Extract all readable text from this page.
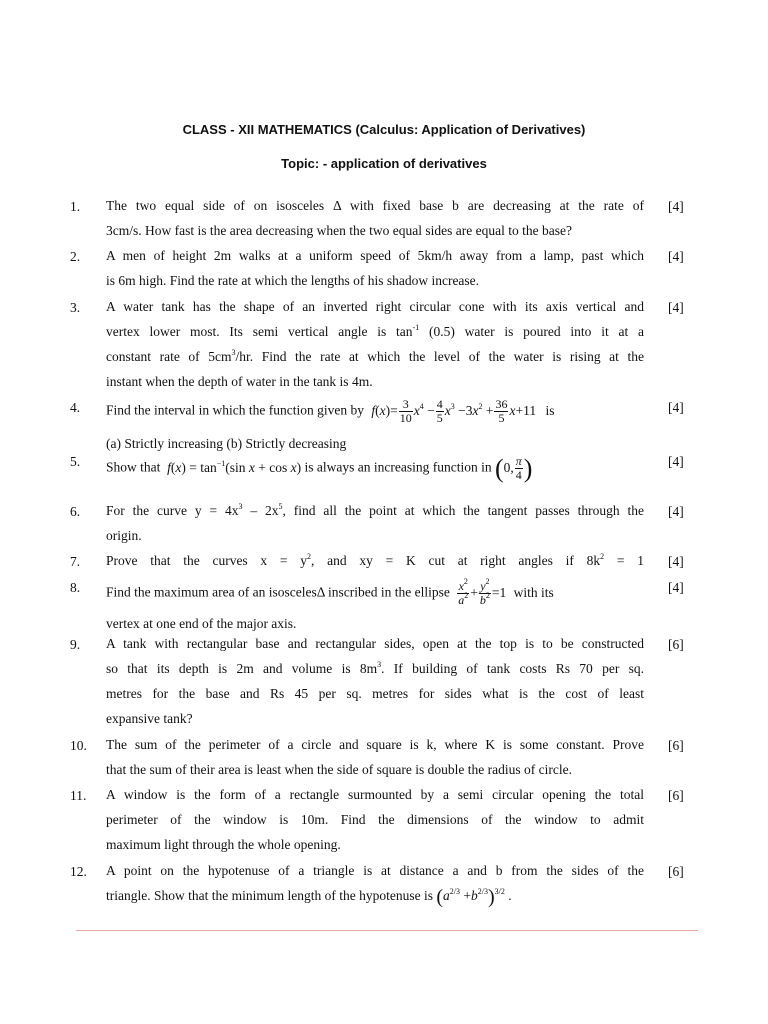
CLASS - XII MATHEMATICS (Calculus: Application of Derivatives)
Topic: - application of derivatives
1.	[4]
The two equal side of on isosceles Δ with fixed base b are decreasing at the rate of
3cm/s. How fast is the area decreasing when the two equal sides are equal to the base?
2.	[4]
A men of height 2m walks at a uniform speed of 5km/h away from a lamp, past which
is 6m high. Find the rate at which the lengths of his shadow increase.
3.	[4]
A water tank has the shape of an inverted right circular cone with its axis vertical and
vertex lower most. Its semi vertical angle is $\tan^{-1} (0.5)$ water is poured into it at a
constant rate of $5cm^3/hr$. Find the rate at which the level of the water is rising at the
instant when the depth of water in the tank is 4m.
4.	[4]
Find the interval in which the function given by $f(x)= \frac{3}{10} x^4 - \frac{4}{5} x^3 -3x^2 + \frac{36}{5} x+11$ is
(a) Strictly increasing (b) Strictly decreasing
5.	[4]
Show that $f(x) = \tan^{-1}(\sin$ x + cos x) is always an increasing function in (0, $\frac{\pi}{4}$ )
6.	[4]
For the curve $y = 4x^3 - 2x^5$, find all the point at which the tangent passes through the
origin.
7.	[4]
Prove that the curves $x = y^2$, and xy = K cut at right angles if $8k^2 = 1$
8.	[4]
Find the maximum area of an isoscelesΔ inscribed in the ellipse $\frac{x^2}{a^2} + \frac{y^2}{b^2} =1$ with its
vertex at one end of the major axis.
9.	[6]
A tank with rectangular base and rectangular sides, open at the top is to be constructed
so that its depth is 2m and volume is $8m^3$. If building of tank costs Rs 70 per sq.
metres for the base and Rs 45 per sq. metres for sides what is the cost of least
expansive tank?
10.	[6]
The sum of the perimeter of a circle and square is k, where K is some constant. Prove
that the sum of their area is least when the side of square is double the radius of circle.
11.	[6]
A window is the form of a rectangle surmounted by a semi circular opening the total
perimeter of the window is 10m. Find the dimensions of the window to admit
maximum light through the whole opening.
12.	[6]
A point on the hypotenuse of a triangle is at distance a and b from the sides of the
triangle. Show that the minimum length of the hypotenuse is $(a^{2/3} +b^{2/3})^{3/2}$ .
